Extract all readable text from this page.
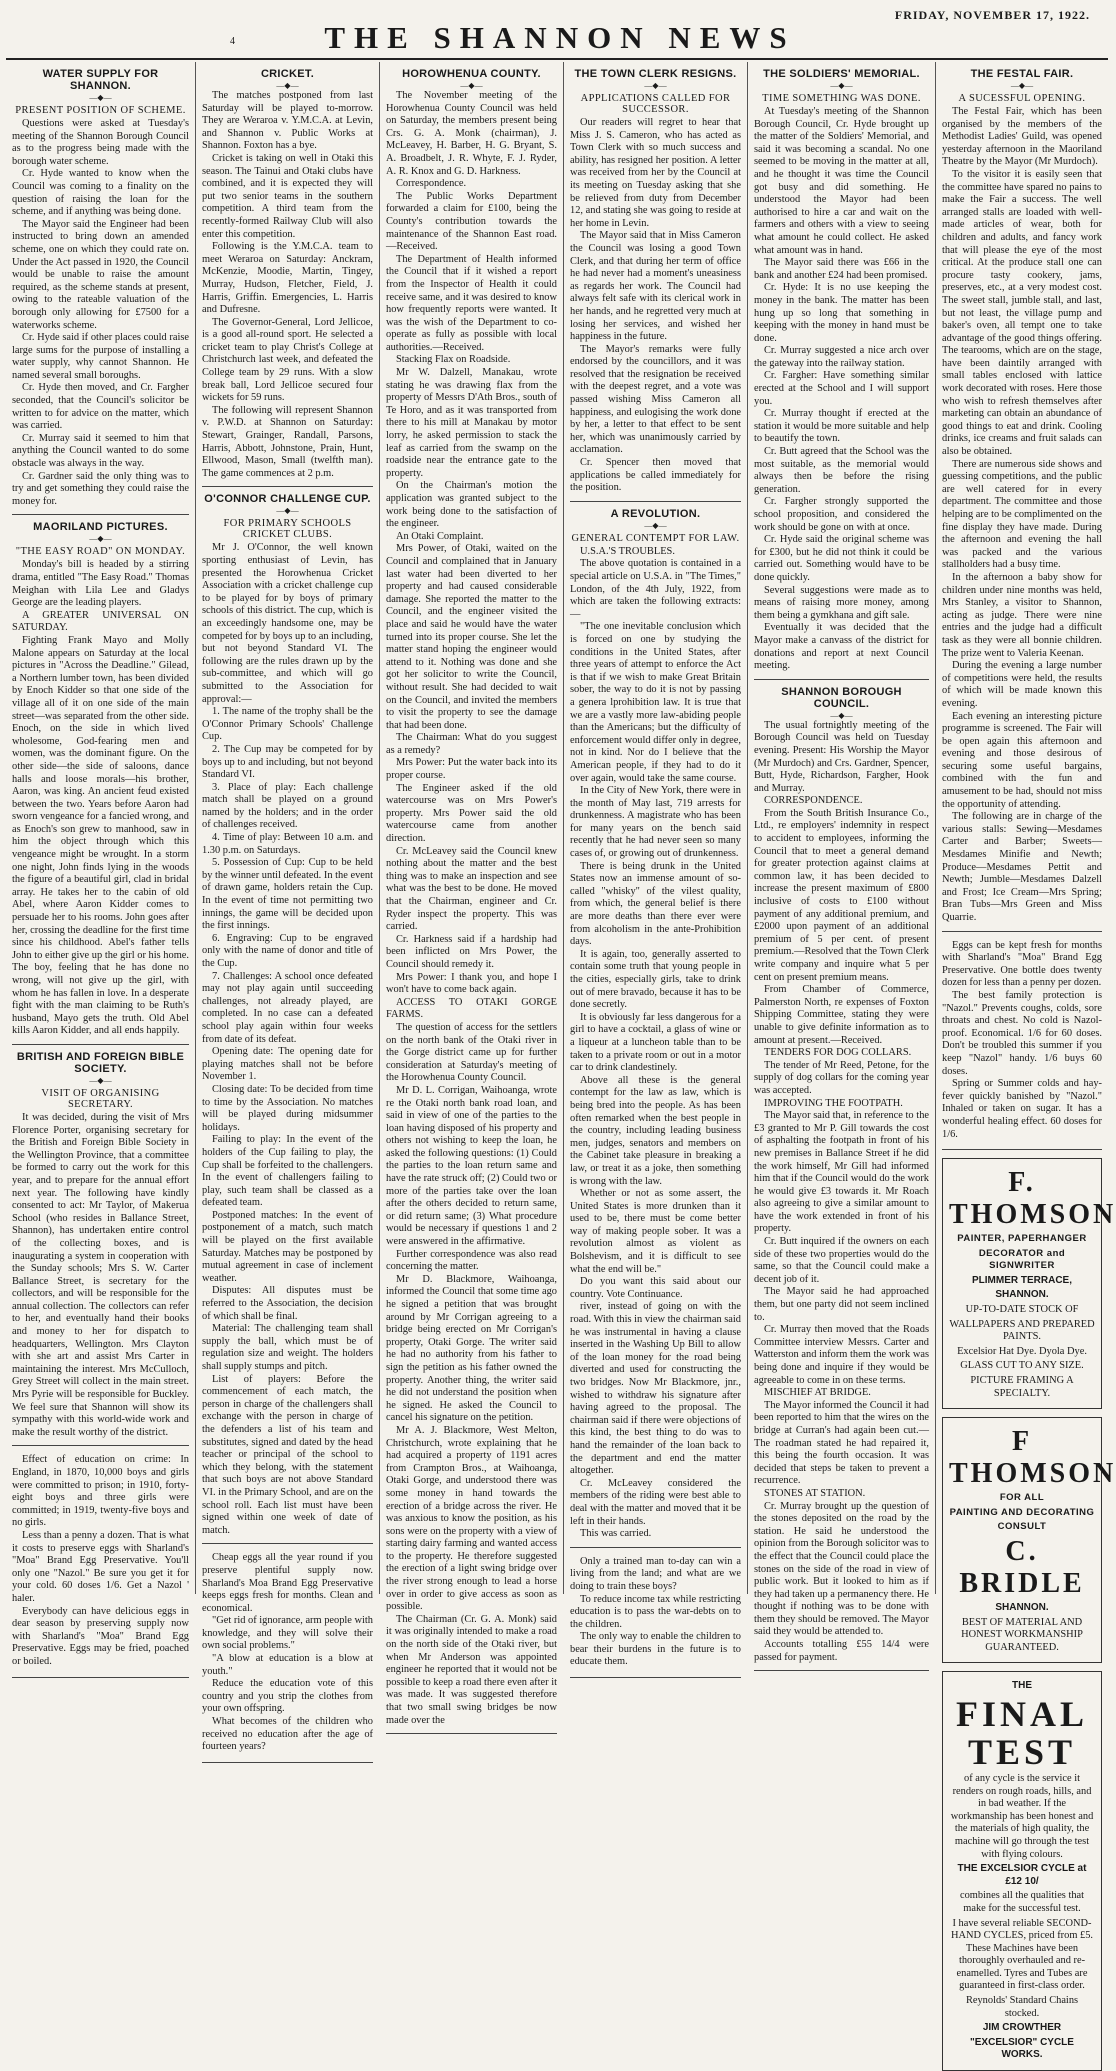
4	THE SHANNON NEWS
FRIDAY, NOVEMBER 17, 1922.
WATER SUPPLY FOR SHANNON.
—◆—
PRESENT POSITION OF SCHEME.

Questions were asked at Tuesday's meeting of the Shannon Borough Council as to the progress being made with the borough water scheme.

Cr. Hyde wanted to know when the Council was coming to a finality on the question of raising the loan for the scheme, and if anything was being done.

The Mayor said the Engineer had been instructed to bring down an amended scheme, one on which they could rate on. Under the Act passed in 1920, the Council would be unable to raise the amount required, as the scheme stands at present, owing to the rateable valuation of the borough only allowing for £7500 for a waterworks scheme.

Cr. Hyde said if other places could raise large sums for the purpose of installing a water supply, why cannot Shannon. He named several small boroughs.

Cr. Hyde then moved, and Cr. Fargher seconded, that the Council's solicitor be written to for advice on the matter, which was carried.

Cr. Murray said it seemed to him that anything the Council wanted to do some obstacle was always in the way.

Cr. Gardner said the only thing was to try and get something they could raise the money for.

MAORILAND PICTURES.
—◆—
"THE EASY ROAD" ON MONDAY.

Monday's bill is headed by a stirring drama, entitled "The Easy Road." Thomas Meighan with Lila Lee and Gladys George are the leading players.

A GREATER UNIVERSAL ON SATURDAY.

Fighting Frank Mayo and Molly Malone appears on Saturday at the local pictures in "Across the Deadline." Gilead, a Northern lumber town, has been divided by Enoch Kidder so that one side of the village all of it on one side of the main street—was separated from the other side. Enoch, on the side in which lived wholesome, God-fearing men and women, was the dominant figure. On the other side—the side of saloons, dance halls and loose morals—his brother, Aaron, was king. An ancient feud existed between the two. Years before Aaron had sworn vengeance for a fancied wrong, and as Enoch's son grew to manhood, saw in him the object through which this vengeance might be wrought. In a storm one night, John finds lying in the woods the figure of a beautiful girl, clad in bridal array. He takes her to the cabin of old Abel, where Aaron Kidder comes to persuade her to his rooms. John goes after her, crossing the deadline for the first time since his childhood. Abel's father tells John to either give up the girl or his home. The boy, feeling that he has done no wrong, will not give up the girl, with whom he has fallen in love. In a desperate fight with the man claiming to be Ruth's husband, Mayo gets the truth. Old Abel kills Aaron Kidder, and all ends happily.

BRITISH AND FOREIGN BIBLE SOCIETY.
—◆—
VISIT OF ORGANISING SECRETARY.

It was decided, during the visit of Mrs Florence Porter, organising secretary for the British and Foreign Bible Society in the Wellington Province, that a committee be formed to carry out the work for this year, and to prepare for the annual effort next year. The following have kindly consented to act: Mr Taylor, of Makerua School (who resides in Ballance Street, Shannon), has undertaken entire control of the collecting boxes, and is inaugurating a system in cooperation with the Sunday schools; Mrs S. W. Carter Ballance Street, is secretary for the collectors, and will be responsible for the annual collection. The collectors can refer to her, and eventually hand their books and money to her for dispatch to headquarters, Wellington. Mrs Clayton with she art and assist Mrs Carter in maintaining the interest. Mrs McCulloch, Grey Street will collect in the main street. Mrs Pyrie will be responsible for Buckley. We feel sure that Shannon will show its sympathy with this world-wide work and make the result worthy of the district.

Effect of education on crime: In England, in 1870, 10,000 boys and girls were committed to prison; in 1910, forty-eight boys and three girls were committed; in 1919, twenty-five boys and no girls.

Less than a penny a dozen. That is what it costs to preserve eggs with Sharland's "Moa" Brand Egg Preservative. You'll only one "Nazol." Be sure you get it for your cold. 60 doses 1/6. Get a Nazol ' haler.

Everybody can have delicious eggs in dear season by preserving supply now with Sharland's "Moa" Brand Egg Preservative. Eggs may be fried, poached or boiled.

CRICKET.
—◆—

The matches postponed from last Saturday will be played to-morrow. They are Weraroa v. Y.M.C.A. at Levin, and Shannon v. Public Works at Shannon. Foxton has a bye.

Cricket is taking on well in Otaki this season. The Tainui and Otaki clubs have combined, and it is expected they will put two senior teams in the southern competition. A third team from the recently-formed Railway Club will also enter this competition.

Following is the Y.M.C.A. team to meet Weraroa on Saturday: Anckram, McKenzie, Moodie, Martin, Tingey, Murray, Hudson, Fletcher, Field, J. Harris, Griffin. Emergencies, L. Harris and Dufresne.

The Governor-General, Lord Jellicoe, is a good all-round sport. He selected a cricket team to play Christ's College at Christchurch last week, and defeated the College team by 29 runs. With a slow break ball, Lord Jellicoe secured four wickets for 59 runs.

The following will represent Shannon v. P.W.D. at Shannon on Saturday: Stewart, Grainger, Randall, Parsons, Harris, Abbott, Johnstone, Prain, Hunt, Ellwood, Mason, Small (twelfth man). The game commences at 2 p.m.

O'CONNOR CHALLENGE CUP.
—◆—
FOR PRIMARY SCHOOLS CRICKET CLUBS.

Mr J. O'Connor, the well known sporting enthusiast of Levin, has presented the Horowhenua Cricket Association with a cricket challenge cup to be played for by boys of primary schools of this district. The cup, which is an exceedingly handsome one, may be competed for by boys up to an including, but not beyond Standard VI. The following are the rules drawn up by the sub-committee, and which will go submitted to the Association for approval:—

1. The name of the trophy shall be the O'Connor Primary Schools' Challenge Cup.

2. The Cup may be competed for by boys up to and including, but not beyond Standard VI.

3. Place of play: Each challenge match shall be played on a ground named by the holders; and in the order of challenges received.

4. Time of play: Between 10 a.m. and 1.30 p.m. on Saturdays.

5. Possession of Cup: Cup to be held by the winner until defeated. In the event of drawn game, holders retain the Cup. In the event of time not permitting two innings, the game will be decided upon the first innings.

6. Engraving: Cup to be engraved only with the name of donor and title of the Cup.

7. Challenges: A school once defeated may not play again until succeeding challenges, not already played, are completed. In no case can a defeated school play again within four weeks from date of its defeat.

Opening date: The opening date for playing matches shall not be before November 1.

Closing date: To be decided from time to time by the Association. No matches will be played during midsummer holidays.

Failing to play: In the event of the holders of the Cup failing to play, the Cup shall be forfeited to the challengers. In the event of challengers failing to play, such team shall be classed as a defeated team.

Postponed matches: In the event of postponement of a match, such match will be played on the first available Saturday. Matches may be postponed by mutual agreement in case of inclement weather.

Disputes: All disputes must be referred to the Association, the decision of which shall be final.

Material: The challenging team shall supply the ball, which must be of regulation size and weight. The holders shall supply stumps and pitch.

List of players: Before the commencement of each match, the person in charge of the challengers shall exchange with the person in charge of the defenders a list of his team and substitutes, signed and dated by the head teacher or principal of the school to which they belong, with the statement that such boys are not above Standard VI. in the Primary School, and are on the school roll. Each list must have been signed within one week of date of match.

Cheap eggs all the year round if you preserve plentiful supply now. Sharland's Moa Brand Egg Preservative keeps eggs fresh for months. Clean and economical.

"Get rid of ignorance, arm people with knowledge, and they will solve their own social problems."

"A blow at education is a blow at youth."

Reduce the education vote of this country and you strip the clothes from your own offspring.

What becomes of the children who received no education after the age of fourteen years?

HOROWHENUA COUNTY.
—◆—

The November meeting of the Horowhenua County Council was held on Saturday, the members present being Crs. G. A. Monk (chairman), J. McLeavey, H. Barber, H. G. Bryant, S. A. Broadbelt, J. R. Whyte, F. J. Ryder, A. R. Knox and G. D. Harkness.

Correspondence.

The Public Works Department forwarded a claim for £100, being the County's contribution towards the maintenance of the Shannon East road.—Received.

The Department of Health informed the Council that if it wished a report from the Inspector of Health it could receive same, and it was desired to know how frequently reports were wanted. It was the wish of the Department to co-operate as fully as possible with local authorities.—Received.

Stacking Flax on Roadside.

Mr W. Dalzell, Manakau, wrote stating he was drawing flax from the property of Messrs D'Ath Bros., south of Te Horo, and as it was transported from there to his mill at Manakau by motor lorry, he asked permission to stack the leaf as carried from the swamp on the roadside near the entrance gate to the property.

On the Chairman's motion the application was granted subject to the work being done to the satisfaction of the engineer.

An Otaki Complaint.

Mrs Power, of Otaki, waited on the Council and complained that in January last water had been diverted to her property and had caused considerable damage. She reported the matter to the Council, and the engineer visited the place and said he would have the water turned into its proper course. She let the matter stand hoping the engineer would attend to it. Nothing was done and she got her solicitor to write the Council, without result. She had decided to wait on the Council, and invited the members to visit the property to see the damage that had been done.

The Chairman: What do you suggest as a remedy?

Mrs Power: Put the water back into its proper course.

The Engineer asked if the old watercourse was on Mrs Power's property. Mrs Power said the old watercourse came from another direction.

Cr. McLeavey said the Council knew nothing about the matter and the best thing was to make an inspection and see what was the best to be done. He moved that the Chairman, engineer and Cr. Ryder inspect the property. This was carried.

Cr. Harkness said if a hardship had been inflicted on Mrs Power, the Council should remedy it.

Mrs Power: I thank you, and hope I won't have to come back again.

ACCESS TO OTAKI GORGE FARMS.

The question of access for the settlers on the north bank of the Otaki river in the Gorge district came up for further consideration at Saturday's meeting of the Horowhenua County Council.

Mr D. L. Corrigan, Waihoanga, wrote re the Otaki north bank road loan, and said in view of one of the parties to the loan having disposed of his property and others not wishing to keep the loan, he asked the following questions: (1) Could the parties to the loan return same and have the rate struck off; (2) Could two or more of the parties take over the loan after the others decided to return same, or did return same; (3) What procedure would be necessary if questions 1 and 2 were answered in the affirmative.

Further correspondence was also read concerning the matter.

Mr D. Blackmore, Waihoanga, informed the Council that some time ago he signed a petition that was brought around by Mr Corrigan agreeing to a bridge being erected on Mr Corrigan's property, Otaki Gorge. The writer said he had no authority from his father to sign the petition as his father owned the property. Another thing, the writer said he did not understand the position when he signed. He asked the Council to cancel his signature on the petition.

Mr A. J. Blackmore, West Melton, Christchurch, wrote explaining that he had acquired a property of 1191 acres from Crampton Bros., at Waihoanga, Otaki Gorge, and understood there was some money in hand towards the erection of a bridge across the river. He was anxious to know the position, as his sons were on the property with a view of starting dairy farming and wanted access to the property. He therefore suggested the erection of a light swing bridge over the river strong enough to lead a horse over in order to give access as soon as possible.

The Chairman (Cr. G. A. Monk) said it was originally intended to make a road on the north side of the Otaki river, but when Mr Anderson was appointed engineer he reported that it would not be possible to keep a road there even after it was made. It was suggested therefore that two small swing bridges be now made over the

THE TOWN CLERK RESIGNS.
—◆—
APPLICATIONS CALLED FOR SUCCESSOR.

Our readers will regret to hear that Miss J. S. Cameron, who has acted as Town Clerk with so much success and ability, has resigned her position. A letter was received from her by the Council at its meeting on Tuesday asking that she be relieved from duty from December 12, and stating she was going to reside at her home in Levin.

The Mayor said that in Miss Cameron the Council was losing a good Town Clerk, and that during her term of office he had never had a moment's uneasiness as regards her work. The Council had always felt safe with its clerical work in her hands, and he regretted very much at losing her services, and wished her happiness in the future.

The Mayor's remarks were fully endorsed by the councillors, and it was resolved that the resignation be received with the deepest regret, and a vote was passed wishing Miss Cameron all happiness, and eulogising the work done by her, a letter to that effect to be sent her, which was unanimously carried by acclamation.

Cr. Spencer then moved that applications be called immediately for the position.

A REVOLUTION.
—◆—
GENERAL CONTEMPT FOR LAW.

U.S.A.'S TROUBLES.

The above quotation is contained in a special article on U.S.A. in "The Times," London, of the 4th July, 1922, from which are taken the following extracts:—

"The one inevitable conclusion which is forced on one by studying the conditions in the United States, after three years of attempt to enforce the Act is that if we wish to make Great Britain sober, the way to do it is not by passing a genera lprohibition law. It is true that we are a vastly more law-abiding people than the Americans; but the difficulty of enforcement would differ only in degree, not in kind. Nor do I believe that the American people, if they had to do it over again, would take the same course.

In the City of New York, there were in the month of May last, 719 arrests for drunkenness. A magistrate who has been for many years on the bench said recently that he had never seen so many cases of, or growing out of drunkenness.

There is being drunk in the United States now an immense amount of so-called "whisky" of the vilest quality, from which, the general belief is there are more deaths than there ever were from alcoholism in the ante-Prohibition days.

It is again, too, generally asserted to contain some truth that young people in the cities, especially girls, take to drink out of mere bravado, because it has to be done secretly.

It is obviously far less dangerous for a girl to have a cocktail, a glass of wine or a liqueur at a luncheon table than to be taken to a private room or out in a motor car to drink clandestinely.

Above all these is the general contempt for the law as law, which is being bred into the people. As has been often remarked when the best people in the country, including leading business men, judges, senators and members on the Cabinet take pleasure in breaking a law, or treat it as a joke, then something is wrong with the law.

Whether or not as some assert, the United States is more drunken than it used to be, there must be come better way of making people sober. It was a revolution almost as violent as Bolshevism, and it is difficult to see what the end will be."

Do you want this said about our country. Vote Continuance.

river, instead of going on with the road. With this in view the chairman said he was instrumental in having a clause inserted in the Washing Up Bill to allow of the loan money for the road being diverted and used for constructing the two bridges. Now Mr Blackmore, jnr., wished to withdraw his signature after having agreed to the proposal. The chairman said if there were objections of this kind, the best thing to do was to hand the remainder of the loan back to the department and end the matter altogether.

Cr. McLeavey considered the members of the riding were best able to deal with the matter and moved that it be left in their hands.

This was carried.

Only a trained man to-day can win a living from the land; and what are we doing to train these boys?

To reduce income tax while restricting education is to pass the war-debts on to the children.

The only way to enable the children to bear their burdens in the future is to educate them.

THE SOLDIERS' MEMORIAL.
—◆—
TIME SOMETHING WAS DONE.

At Tuesday's meeting of the Shannon Borough Council, Cr. Hyde brought up the matter of the Soldiers' Memorial, and said it was becoming a scandal. No one seemed to be moving in the matter at all, and he thought it was time the Council got busy and did something. He understood the Mayor had been authorised to hire a car and wait on the farmers and others with a view to seeing what amount he could collect. He asked what amount was in hand.

The Mayor said there was £66 in the bank and another £24 had been promised.

Cr. Hyde: It is no use keeping the money in the bank. The matter has been hung up so long that something in keeping with the money in hand must be done.

Cr. Murray suggested a nice arch over the gateway into the railway station.

Cr. Fargher: Have something similar erected at the School and I will support you.

Cr. Murray thought if erected at the station it would be more suitable and help to beautify the town.

Cr. Butt agreed that the School was the most suitable, as the memorial would always then be before the rising generation.

Cr. Fargher strongly supported the school proposition, and considered the work should be gone on with at once.

Cr. Hyde said the original scheme was for £300, but he did not think it could be carried out. Something would have to be done quickly.

Several suggestions were made as to means of raising more money, among them being a gymkhana and gift sale.

Eventually it was decided that the Mayor make a canvass of the district for donations and report at next Council meeting.

SHANNON BOROUGH COUNCIL.
—◆—

The usual fortnightly meeting of the Borough Council was held on Tuesday evening. Present: His Worship the Mayor (Mr Murdoch) and Crs. Gardner, Spencer, Butt, Hyde, Richardson, Fargher, Hook and Murray.

CORRESPONDENCE.

From the South British Insurance Co., Ltd., re employers' indemnity in respect to accident to employees, informing the Council that to meet a general demand for greater protection against claims at common law, it has been decided to increase the present maximum of £800 inclusive of costs to £100 without payment of any additional premium, and £2000 upon payment of an additional premium of 5 per cent. of present premium.—Resolved that the Town Clerk write company and inquire what 5 per cent on present premium means.

From Chamber of Commerce, Palmerston North, re expenses of Foxton Shipping Committee, stating they were unable to give definite information as to amount at present.—Received.

TENDERS FOR DOG COLLARS.

The tender of Mr Reed, Petone, for the supply of dog collars for the coming year was accepted.

IMPROVING THE FOOTPATH.

The Mayor said that, in reference to the £3 granted to Mr P. Gill towards the cost of asphalting the footpath in front of his new premises in Ballance Street if he did the work himself, Mr Gill had informed him that if the Council would do the work he would give £3 towards it. Mr Roach also agreeing to give a similar amount to have the work extended in front of his property.

Cr. Butt inquired if the owners on each side of these two properties would do the same, so that the Council could make a decent job of it.

The Mayor said he had approached them, but one party did not seem inclined to.

Cr. Murray then moved that the Roads Committee interview Messrs. Carter and Watterston and inform them the work was being done and inquire if they would be agreeable to come in on these terms.

MISCHIEF AT BRIDGE.

The Mayor informed the Council it had been reported to him that the wires on the bridge at Curran's had again been cut.—The roadman stated he had repaired it, this being the fourth occasion. It was decided that steps be taken to prevent a recurrence.

STONES AT STATION.

Cr. Murray brought up the question of the stones deposited on the road by the station. He said he understood the opinion from the Borough solicitor was to the effect that the Council could place the stones on the side of the road in view of public work. But it looked to him as if they had taken up a permanency there. He thought if nothing was to be done with them they should be removed. The Mayor said they would be attended to.

Accounts totalling £55 14/4 were passed for payment.

THE FESTAL FAIR.
—◆—
A SUCESSFUL OPENING.

The Festal Fair, which has been organised by the members of the Methodist Ladies' Guild, was opened yesterday afternoon in the Maoriland Theatre by the Mayor (Mr Murdoch).

To the visitor it is easily seen that the committee have spared no pains to make the Fair a success. The well arranged stalls are loaded with well-made articles of wear, both for children and adults, and fancy work that will please the eye of the most critical. At the produce stall one can procure tasty cookery, jams, preserves, etc., at a very modest cost. The sweet stall, jumble stall, and last, but not least, the village pump and baker's oven, all tempt one to take advantage of the good things offering. The tearooms, which are on the stage, have been daintily arranged with small tables enclosed with lattice work decorated with roses. Here those who wish to refresh themselves after marketing can obtain an abundance of good things to eat and drink. Cooling drinks, ice creams and fruit salads can also be obtained.

There are numerous side shows and guessing competitions, and the public are well catered for in every department. The committee and those helping are to be complimented on the fine display they have made. During the afternoon and evening the hall was packed and the various stallholders had a busy time.

In the afternoon a baby show for children under nine months was held, Mrs Stanley, a visitor to Shannon, acting as judge. There were nine entries and the judge had a difficult task as they were all bonnie children. The prize went to Valeria Keenan.

During the evening a large number of competitions were held, the results of which will be made known this evening.

Each evening an interesting picture programme is screened. The Fair will be open again this afternoon and evening and those desirous of securing some useful bargains, combined with the fun and amusement to be had, should not miss the opportunity of attending.

The following are in charge of the various stalls: Sewing—Mesdames Carter and Barber; Sweets—Mesdames Minifie and Newth; Produce—Mesdames Pettit and Newth; Jumble—Mesdames Dalzell and Frost; Ice Cream—Mrs Spring; Bran Tubs—Mrs Green and Miss Quarrie.

Eggs can be kept fresh for months with Sharland's "Moa" Brand Egg Preservative. One bottle does twenty dozen for less than a penny per dozen.

The best family protection is "Nazol." Prevents coughs, colds, sore throats and chest. No cold is Nazol-proof. Economical. 1/6 for 60 doses. Don't be troubled this summer if you keep "Nazol" handy. 1/6 buys 60 doses.

Spring or Summer colds and hay-fever quickly banished by "Nazol." Inhaled or taken on sugar. It has a wonderful healing effect. 60 doses for 1/6.

F. THOMSON

PAINTER, PAPERHANGER

DECORATOR and SIGNWRITER

PLIMMER TERRACE,

SHANNON.

UP-TO-DATE STOCK OF

WALLPAPERS AND PREPARED PAINTS.

Excelsior Hat Dye. Dyola Dye.

GLASS CUT TO ANY SIZE.

PICTURE FRAMING A SPECIALTY.

F THOMSON

FOR ALL

PAINTING AND DECORATING

CONSULT

C. BRIDLE

SHANNON.

BEST OF MATERIAL AND HONEST WORKMANSHIP GUARANTEED.

THE

FINAL TEST

of any cycle is the service it renders on rough roads, hills, and in bad weather. If the workmanship has been honest and the materials of high quality, the machine will go through the test with flying colours.

THE EXCELSIOR CYCLE at £12 10/

combines all the qualities that make for the successful test.

I have several reliable SECOND-HAND CYCLES, priced from £5. These Machines have been thoroughly overhauled and re-enamelled. Tyres and Tubes are guaranteed in first-class order.

Reynolds' Standard Chains stocked.

JIM CROWTHER

"EXCELSIOR" CYCLE WORKS.
